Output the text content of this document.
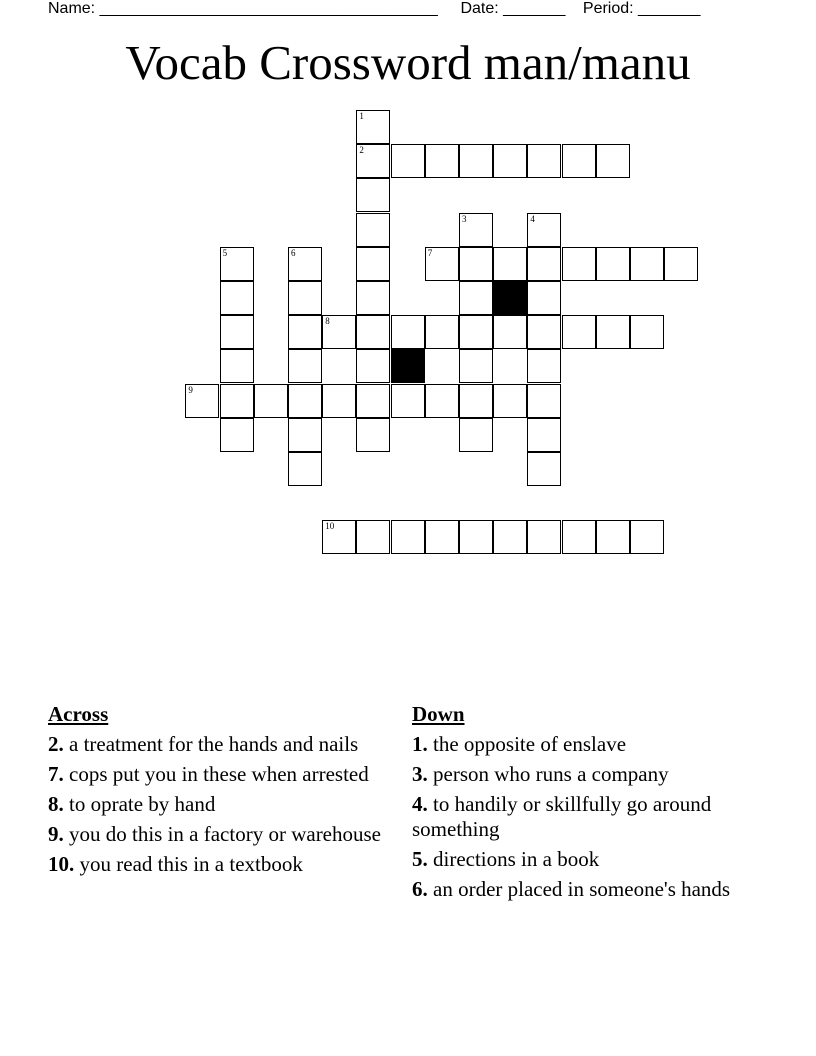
Name: ______________________________________ Date: _______ Period: _______
Vocab Crossword man/manu
1
2
3	4
5	6	7
8
9
10
Across
2. a treatment for the hands and nails
7. cops put you in these when arrested
8. to oprate by hand
9. you do this in a factory or warehouse
10. you read this in a textbook
Down
1. the opposite of enslave
3. person who runs a company
4. to handily or skillfully go around something
5. directions in a book
6. an order placed in someone's hands
